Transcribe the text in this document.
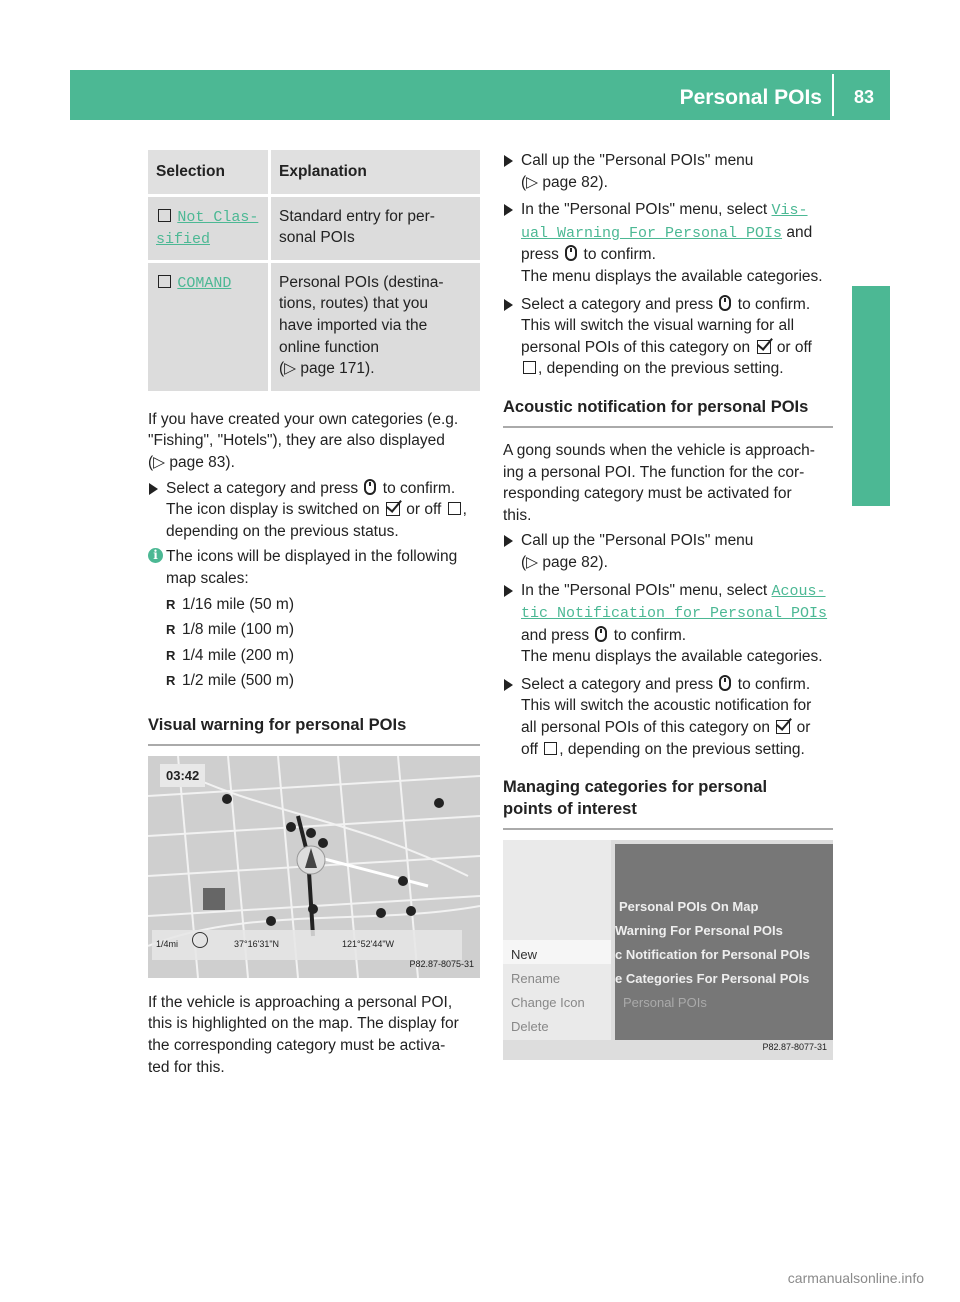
Personal POIs 83
Navigation
Selection	Explanation
Not Clas-
sified	Standard entry for per-
sonal POIs
COMAND	Personal POIs (destina-
tions, routes) that you
have imported via the
online function
(▷ page 171).

If you have created your own categories (e.g.
"Fishing", "Hotels"), they are also displayed
(▷ page 83).

Select a category and press to confirm.
The icon display is switched on or off ,
depending on the previous status.

i The icons will be displayed in the following
map scales:

R 1/16 mile (50 m)

R 1/8 mile (100 m)

R 1/4 mile (200 m)

R 1/2 mile (500 m)

Visual warning for personal POIs
03:42
1/4mi	37°16'31"N	121°52'44"W
P82.87-8075-31

If the vehicle is approaching a personal POI,
this is highlighted on the map. The display for
the corresponding category must be activa-
ted for this.

Call up the "Personal POIs" menu
(▷ page 82).

In the "Personal POIs" menu, select Vis‐
ual Warning For Personal POIs and
press to confirm.
The menu displays the available categories.

Select a category and press to confirm.
This will switch the visual warning for all
personal POIs of this category on or off
, depending on the previous setting.

Acoustic notification for personal POIs

A gong sounds when the vehicle is approach-
ing a personal POI. The function for the cor-
responding category must be activated for
this.

Call up the "Personal POIs" menu
(▷ page 82).

In the "Personal POIs" menu, select Acous‐
tic Notification for Personal POIs
and press to confirm.
The menu displays the available categories.

Select a category and press to confirm.
This will switch the acoustic notification for
all personal POIs of this category on or
off , depending on the previous setting.

Managing categories for personal
points of interest
New
Rename
Change Icon
Delete
Personal POIs On Map
Warning For Personal POIs
c Notification for Personal POIs
e Categories For Personal POIs
Personal POIs
P82.87-8077-31
carmanualsonline.info
